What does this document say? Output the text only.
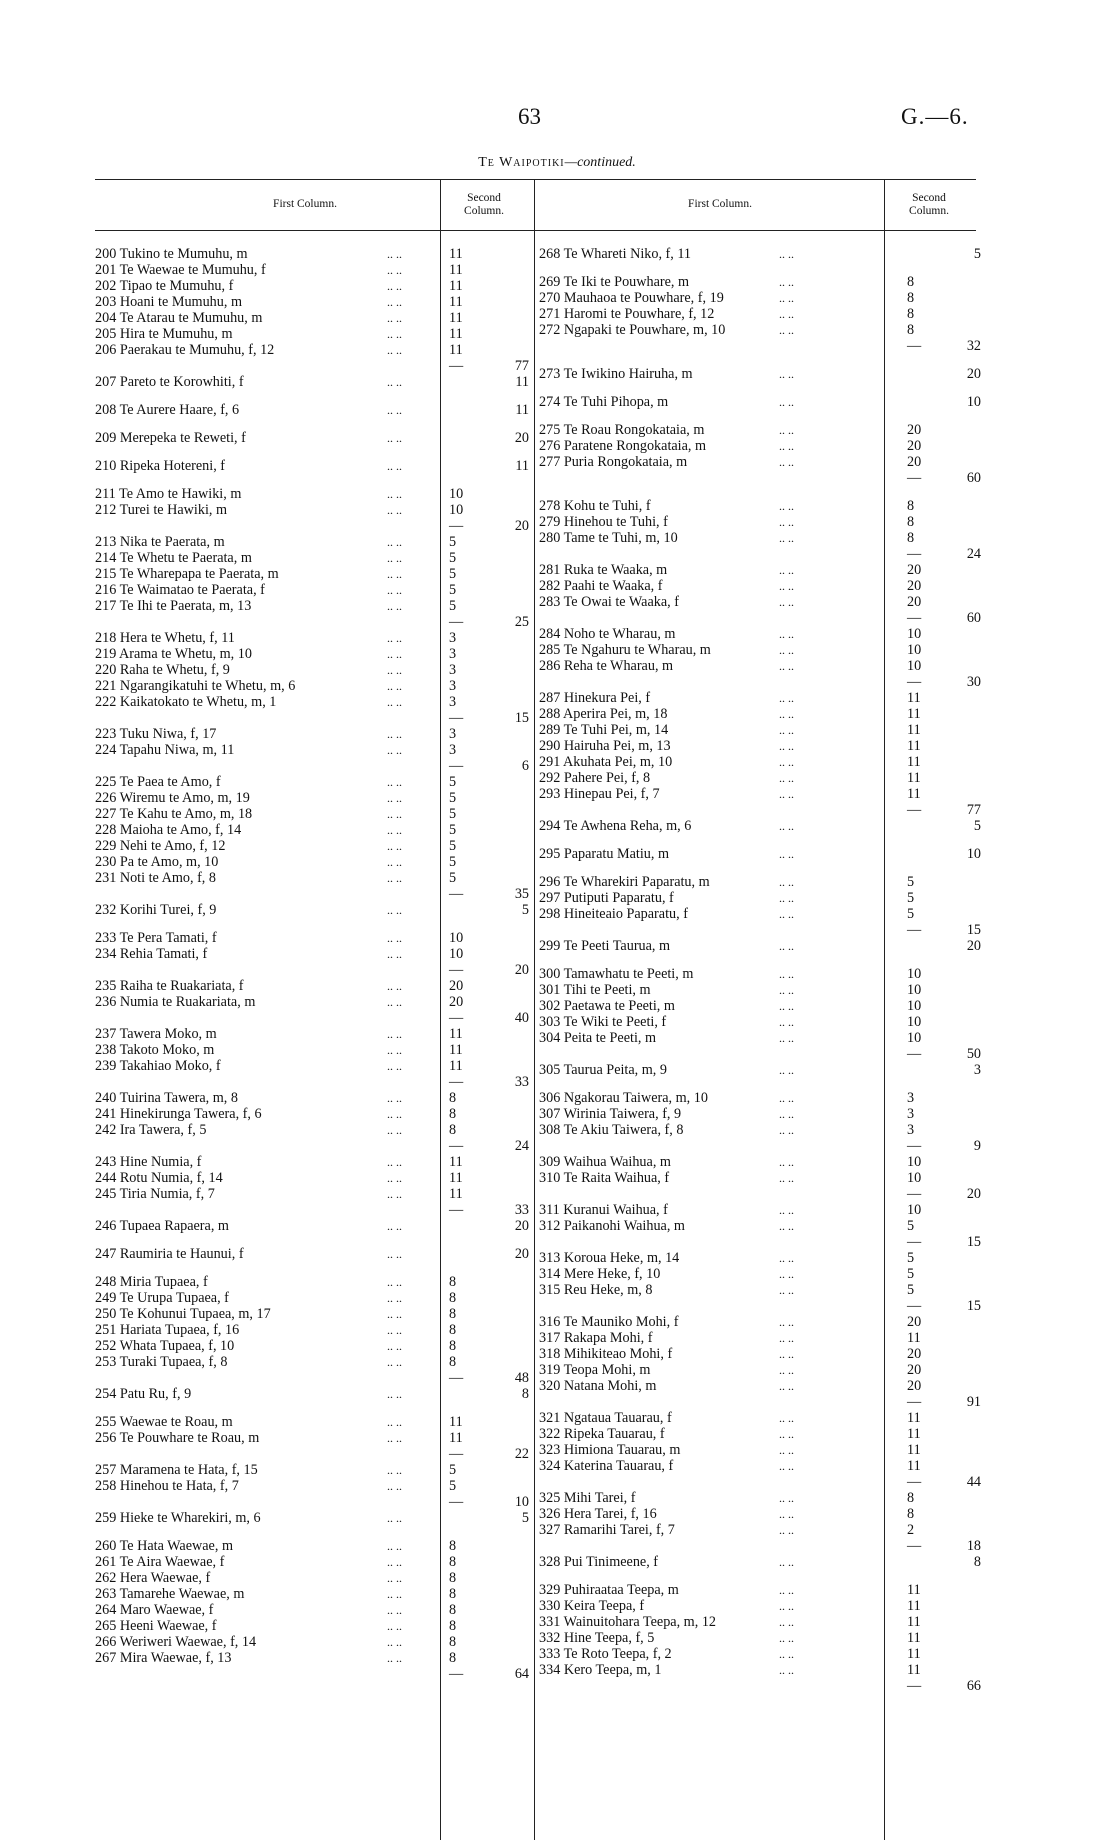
63	G.—6.
Te Waipotiki—continued.
First Column.	Second
Column.
First Column.	Second
Column.
200 Tukino te Mumuhu, m	.. ..	11
201 Te Waewae te Mumuhu, f	.. ..	11
202 Tipao te Mumuhu, f	.. ..	11
203 Hoani te Mumuhu, m	.. ..	11
204 Te Atarau te Mumuhu, m	.. ..	11
205 Hira te Mumuhu, m	.. ..	11
206 Paerakau te Mumuhu, f, 12	.. ..	11
—	77
207 Pareto te Korowhiti, f	.. ..	11
208 Te Aurere Haare, f, 6	.. ..	11
209 Merepeka te Reweti, f	.. ..	20
210 Ripeka Hotereni, f	.. ..	11
211 Te Amo te Hawiki, m	.. ..	10
212 Turei te Hawiki, m	.. ..	10
—	20
213 Nika te Paerata, m	.. ..	5
214 Te Whetu te Paerata, m	.. ..	5
215 Te Wharepapa te Paerata, m	.. ..	5
216 Te Waimatao te Paerata, f	.. ..	5
217 Te Ihi te Paerata, m, 13	.. ..	5
—	25
218 Hera te Whetu, f, 11	.. ..	3
219 Arama te Whetu, m, 10	.. ..	3
220 Raha te Whetu, f, 9	.. ..	3
221 Ngarangikatuhi te Whetu, m, 6	.. ..	3
222 Kaikatokato te Whetu, m, 1	.. ..	3
—	15
223 Tuku Niwa, f, 17	.. ..	3
224 Tapahu Niwa, m, 11	.. ..	3
—	6
225 Te Paea te Amo, f	.. ..	5
226 Wiremu te Amo, m, 19	.. ..	5
227 Te Kahu te Amo, m, 18	.. ..	5
228 Maioha te Amo, f, 14	.. ..	5
229 Nehi te Amo, f, 12	.. ..	5
230 Pa te Amo, m, 10	.. ..	5
231 Noti te Amo, f, 8	.. ..	5
—	35
232 Korihi Turei, f, 9	.. ..	5
233 Te Pera Tamati, f	.. ..	10
234 Rehia Tamati, f	.. ..	10
—	20
235 Raiha te Ruakariata, f	.. ..	20
236 Numia te Ruakariata, m	.. ..	20
—	40
237 Tawera Moko, m	.. ..	11
238 Takoto Moko, m	.. ..	11
239 Takahiao Moko, f	.. ..	11
—	33
240 Tuirina Tawera, m, 8	.. ..	8
241 Hinekirunga Tawera, f, 6	.. ..	8
242 Ira Tawera, f, 5	.. ..	8
—	24
243 Hine Numia, f	.. ..	11
244 Rotu Numia, f, 14	.. ..	11
245 Tiria Numia, f, 7	.. ..	11
—	33
246 Tupaea Rapaera, m	.. ..	20
247 Raumiria te Haunui, f	.. ..	20
248 Miria Tupaea, f	.. ..	8
249 Te Urupa Tupaea, f	.. ..	8
250 Te Kohunui Tupaea, m, 17	.. ..	8
251 Hariata Tupaea, f, 16	.. ..	8
252 Whata Tupaea, f, 10	.. ..	8
253 Turaki Tupaea, f, 8	.. ..	8
—	48
254 Patu Ru, f, 9	.. ..	8
255 Waewae te Roau, m	.. ..	11
256 Te Pouwhare te Roau, m	.. ..	11
—	22
257 Maramena te Hata, f, 15	.. ..	5
258 Hinehou te Hata, f, 7	.. ..	5
—	10
259 Hieke te Wharekiri, m, 6	.. ..	5
260 Te Hata Waewae, m	.. ..	8
261 Te Aira Waewae, f	.. ..	8
262 Hera Waewae, f	.. ..	8
263 Tamarehe Waewae, m	.. ..	8
264 Maro Waewae, f	.. ..	8
265 Heeni Waewae, f	.. ..	8
266 Weriweri Waewae, f, 14	.. ..	8
267 Mira Waewae, f, 13	.. ..	8
—	64
268 Te Whareti Niko, f, 11	.. ..	5
269 Te Iki te Pouwhare, m	.. ..	8
270 Mauhaoa te Pouwhare, f, 19	.. ..	8
271 Haromi te Pouwhare, f, 12	.. ..	8
272 Ngapaki te Pouwhare, m, 10	.. ..	8
—	32
273 Te Iwikino Hairuha, m	.. ..	20
274 Te Tuhi Pihopa, m	.. ..	10
275 Te Roau Rongokataia, m	.. ..	20
276 Paratene Rongokataia, m	.. ..	20
277 Puria Rongokataia, m	.. ..	20
—	60
278 Kohu te Tuhi, f	.. ..	8
279 Hinehou te Tuhi, f	.. ..	8
280 Tame te Tuhi, m, 10	.. ..	8
—	24
281 Ruka te Waaka, m	.. ..	20
282 Paahi te Waaka, f	.. ..	20
283 Te Owai te Waaka, f	.. ..	20
—	60
284 Noho te Wharau, m	.. ..	10
285 Te Ngahuru te Wharau, m	.. ..	10
286 Reha te Wharau, m	.. ..	10
—	30
287 Hinekura Pei, f	.. ..	11
288 Aperira Pei, m, 18	.. ..	11
289 Te Tuhi Pei, m, 14	.. ..	11
290 Hairuha Pei, m, 13	.. ..	11
291 Akuhata Pei, m, 10	.. ..	11
292 Pahere Pei, f, 8	.. ..	11
293 Hinepau Pei, f, 7	.. ..	11
—	77
294 Te Awhena Reha, m, 6	.. ..	5
295 Paparatu Matiu, m	.. ..	10
296 Te Wharekiri Paparatu, m	.. ..	5
297 Putiputi Paparatu, f	.. ..	5
298 Hineiteaio Paparatu, f	.. ..	5
—	15
299 Te Peeti Taurua, m	.. ..	20
300 Tamawhatu te Peeti, m	.. ..	10
301 Tihi te Peeti, m	.. ..	10
302 Paetawa te Peeti, m	.. ..	10
303 Te Wiki te Peeti, f	.. ..	10
304 Peita te Peeti, m	.. ..	10
—	50
305 Taurua Peita, m, 9	.. ..	3
306 Ngakorau Taiwera, m, 10	.. ..	3
307 Wirinia Taiwera, f, 9	.. ..	3
308 Te Akiu Taiwera, f, 8	.. ..	3
—	9
309 Waihua Waihua, m	.. ..	10
310 Te Raita Waihua, f	.. ..	10
—	20
311 Kuranui Waihua, f	.. ..	10
312 Paikanohi Waihua, m	.. ..	5
—	15
313 Koroua Heke, m, 14	.. ..	5
314 Mere Heke, f, 10	.. ..	5
315 Reu Heke, m, 8	.. ..	5
—	15
316 Te Mauniko Mohi, f	.. ..	20
317 Rakapa Mohi, f	.. ..	11
318 Mihikiteao Mohi, f	.. ..	20
319 Teopa Mohi, m	.. ..	20
320 Natana Mohi, m	.. ..	20
—	91
321 Ngataua Tauarau, f	.. ..	11
322 Ripeka Tauarau, f	.. ..	11
323 Himiona Tauarau, m	.. ..	11
324 Katerina Tauarau, f	.. ..	11
—	44
325 Mihi Tarei, f	.. ..	8
326 Hera Tarei, f, 16	.. ..	8
327 Ramarihi Tarei, f, 7	.. ..	2
—	18
328 Pui Tinimeene, f	.. ..	8
329 Puhiraataa Teepa, m	.. ..	11
330 Keira Teepa, f	.. ..	11
331 Wainuitohara Teepa, m, 12	.. ..	11
332 Hine Teepa, f, 5	.. ..	11
333 Te Roto Teepa, f, 2	.. ..	11
334 Kero Teepa, m, 1	.. ..	11
—	66
